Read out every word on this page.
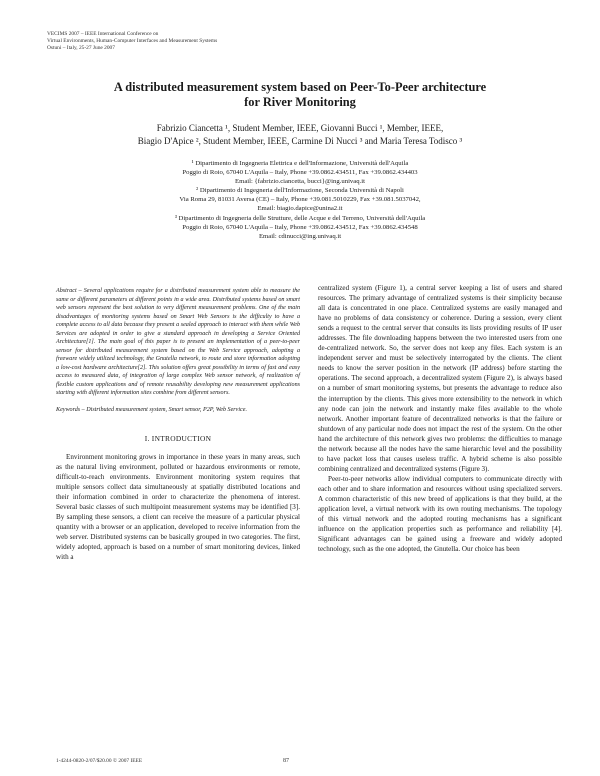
VECIMS 2007 – IEEE International Conference on
Virtual Environments, Human-Computer Interfaces and Measurement Systems
Ostuni – Italy, 25-27 June 2007
A distributed measurement system based on Peer-To-Peer architecture
for River Monitoring
Fabrizio Ciancetta ¹, Student Member, IEEE, Giovanni Bucci ¹, Member, IEEE,
Biagio D'Apice ², Student Member, IEEE, Carmine Di Nucci ³ and Maria Teresa Todisco ³
¹ Dipartimento di Ingegneria Elettrica e dell'Informazione, Università dell'Aquila
Poggio di Roio, 67040 L'Aquila – Italy, Phone +39.0862.434511, Fax +39.0862.434403
Email: {fabrizio.ciancetta, bucci}@ing.univaq.it
² Dipartimento di Ingegneria dell'Informazione, Seconda Università di Napoli
Via Roma 29, 81031 Aversa (CE) – Italy, Phone +39.081.5010229, Fax +39.081.5037042,
Email: biagio.dapice@unina2.it
³ Dipartimento di Ingegneria delle Strutture, delle Acque e del Terreno, Università dell'Aquila
Poggio di Roio, 67040 L'Aquila – Italy, Phone +39.0862.434512, Fax +39.0862.434548
Email: cdinucci@ing.univaq.it
Abstract – Several applications require for a distributed measurement system able to measure the same or different parameters at different points in a wide area. Distributed systems based on smart web sensors represent the best solution to very different measurement problems. One of the main disadvantages of monitoring systems based on Smart Web Sensors is the difficulty to have a complete access to all data because they present a sealed approach to interact with them while Web Services are adopted in order to give a standard approach in developing a Service Oriented Architecture[1]. The main goal of this paper is to present an implementation of a peer-to-peer sensor for distributed measurement system based on the Web Service approach, adopting a freeware widely utilized technology, the Gnutella network, to route and store information adopting a low-cost hardware architecture[2]. This solution offers great possibility in terms of fast and easy access to measured data, of integration of large complex Web sensor network, of realization of flexible custom applications and of remote reusability developing new measurement applications starting with different information sites combine from different sensors.
Keywords – Distributed measurement system, Smart sensor, P2P, Web Service.
I. INTRODUCTION

Environment monitoring grows in importance in these years in many areas, such as the natural living environment, polluted or hazardous environments or remote, difficult-to-reach environments. Environment monitoring system requires that multiple sensors collect data simultaneously at spatially distributed locations and their information combined in order to characterize the phenomena of interest. Several basic classes of such multipoint measurement systems may be identified [3]. By sampling these sensors, a client can receive the measure of a particular physical quantity with a browser or an application, developed to receive information from the web server. Distributed systems can be basically grouped in two categories. The first, widely adopted, approach is based on a number of smart monitoring devices, linked with a

centralized system (Figure 1), a central server keeping a list of users and shared resources. The primary advantage of centralized systems is their simplicity because all data is concentrated in one place. Centralized systems are easily managed and have no problems of data consistency or coherence. During a session, every client sends a request to the central server that consults its lists providing results of IP user addresses. The file downloading happens between the two interested users from one de-centralized network. So, the server does not keep any files. Each system is an independent server and must be selectively interrogated by the clients. The client needs to know the server position in the network (IP address) before starting the operations. The second approach, a decentralized system (Figure 2), is always based on a number of smart monitoring systems, but presents the advantage to reduce also the interruption by the clients. This gives more extensibility to the network in which any node can join the network and instantly make files available to the whole network. Another important feature of decentralized networks is that the failure or shutdown of any particular node does not impact the rest of the system. On the other hand the architecture of this network gives two problems: the difficulties to manage the network because all the nodes have the same hierarchic level and the possibility to have packet loss that causes useless traffic. A hybrid scheme is also possible combining centralized and decentralized systems (Figure 3).

Peer-to-peer networks allow individual computers to communicate directly with each other and to share information and resources without using specialized servers. A common characteristic of this new breed of applications is that they build, at the application level, a virtual network with its own routing mechanisms. The topology of this virtual network and the adopted routing mechanisms has a significant influence on the application properties such as performance and reliability [4]. Significant advantages can be gained using a freeware and widely adopted technology, such as the one adopted, the Gnutella. Our choice has been

1-4244-0820-2/07/$20.00 © 2007 IEEE	87
